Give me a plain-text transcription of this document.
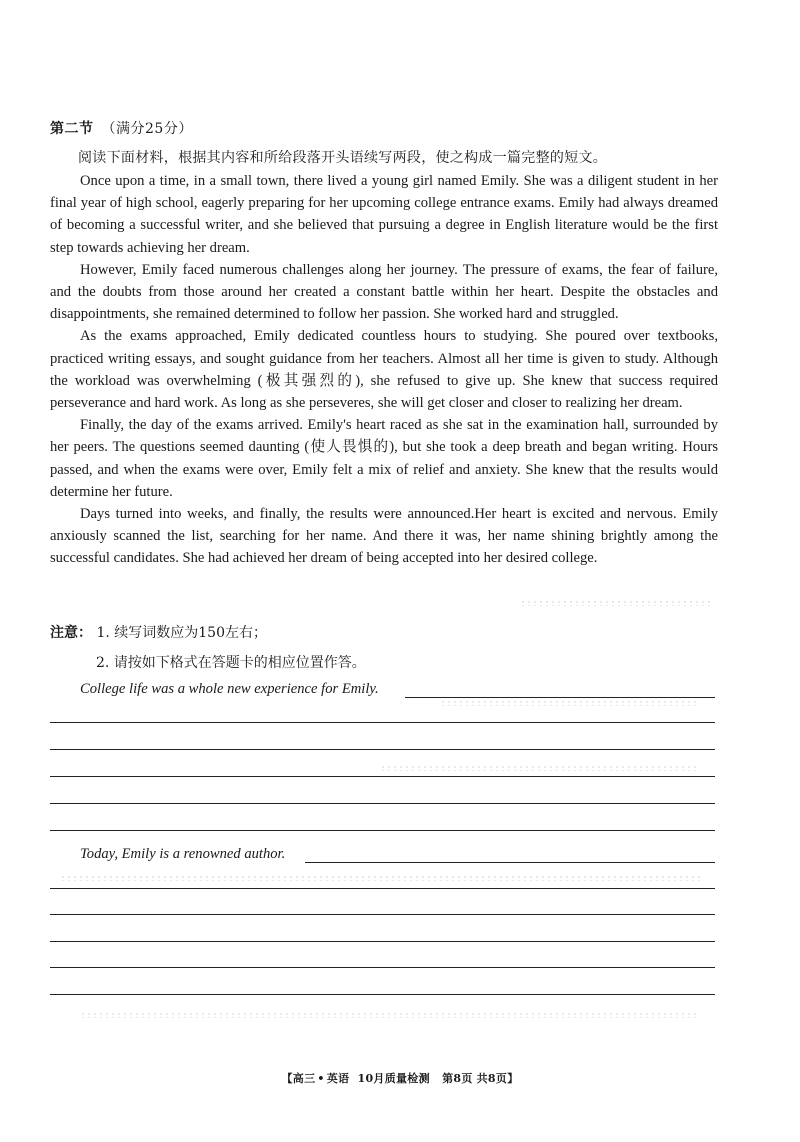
第二节 （满分25分）
阅读下面材料，根据其内容和所给段落开头语续写两段，使之构成一篇完整的短文。

Once upon a time, in a small town, there lived a young girl named Emily. She was a diligent student in her final year of high school, eagerly preparing for her upcoming college entrance exams. Emily had always dreamed of becoming a successful writer, and she believed that pursuing a degree in English literature would be the first step towards achieving her dream.

However, Emily faced numerous challenges along her journey. The pressure of exams, the fear of failure, and the doubts from those around her created a constant battle within her heart. Despite the obstacles and disappointments, she remained determined to follow her passion. She worked hard and struggled.

As the exams approached, Emily dedicated countless hours to studying. She poured over textbooks, practiced writing essays, and sought guidance from her teachers. Almost all her time is given to study. Although the workload was overwhelming (极其强烈的), she refused to give up. She knew that success required perseverance and hard work. As long as she perseveres, she will get closer and closer to realizing her dream.

Finally, the day of the exams arrived. Emily's heart raced as she sat in the examination hall, surrounded by her peers. The questions seemed daunting (使人畏惧的), but she took a deep breath and began writing. Hours passed, and when the exams were over, Emily felt a mix of relief and anxiety. She knew that the results would determine her future.

Days turned into weeks, and finally, the results were announced.Her heart is excited and nervous. Emily anxiously scanned the list, searching for her name. And there it was, her name shining brightly among the successful candidates. She had achieved her dream of being accepted into her desired college.

注意： 1. 续写词数应为150左右；
2. 请按如下格式在答题卡的相应位置作答。
College life was a whole new experience for Emily.
Today, Emily is a renowned author.
【高三 • 英语 10月质量检测 第8页 共8页】
